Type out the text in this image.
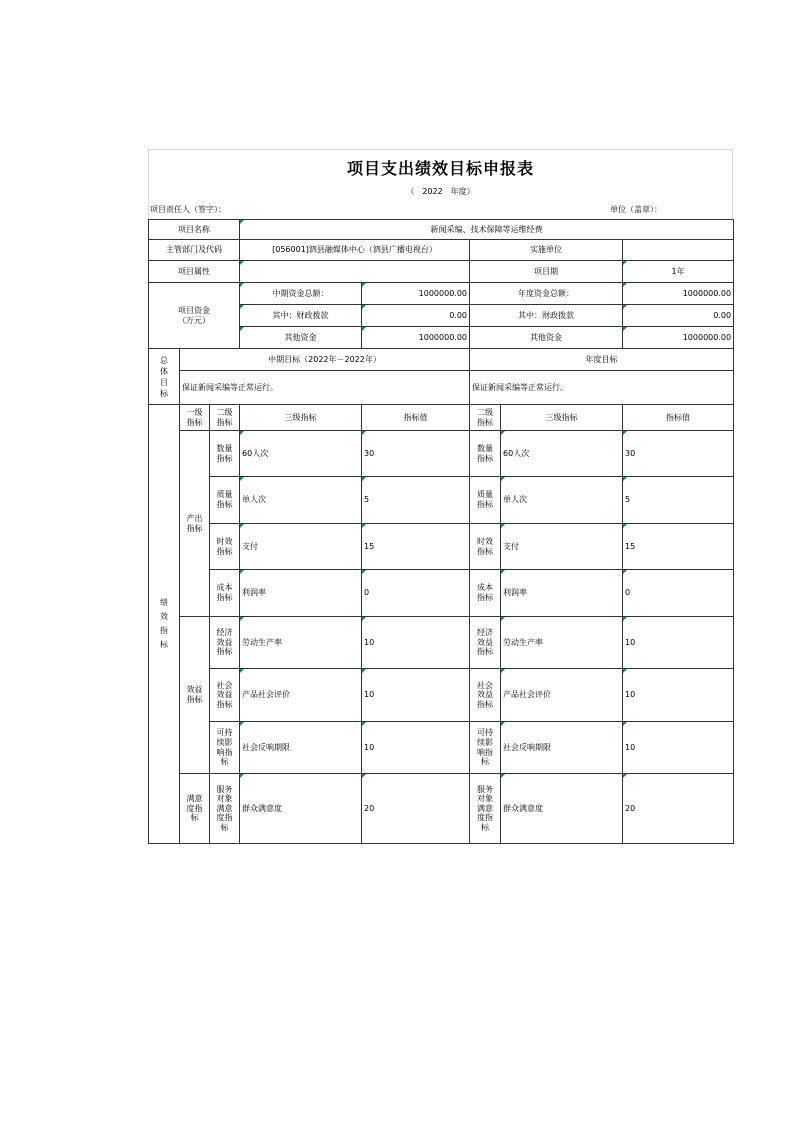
项目支出绩效目标申报表
（ 2022 年度）
项目责任人（签字）：	单位（盖章）：
项目名称			新闻采编、技术保障等运维经费				
主管部门及代码			[056001]泗县融媒体中心（泗县广播电视台）		实施单位		
项目属性					项目期		1年

项目资金
（万元）			中期资金总额：	1000000.00	年度资金总额：		1000000.00
			其中：财政拨款	0.00	其中：财政拨款		0.00
			其他资金	1000000.00	其他资金		1000000.00

总体目标	中期目标（2022年－2022年）				年度目标		
	保证新闻采编等正常运行。				保证新闻采编等正常运行。		

绩效指标	一级指标	二级指标	三级指标	指标值	二级指标	三级指标	指标值

	产出指标	数量指标	60人次	30	数量指标	60人次	30

		质量指标	单人次	5	质量指标	单人次	5

		时效指标	支付	15	时效指标	支付	15

		成本指标	利润率	0	成本指标	利润率	0

	效益指标	经济效益指标	劳动生产率	10	经济效益指标	劳动生产率	10

		社会效益指标	产品社会评价	10	社会效益指标	产品社会评价	10

		可持续影响指标	社会反响期限	10	可持续影响指标	社会反响期限	10

	满意度指标	服务对象满意度指标	群众满意度	20	服务对象满意度指标	群众满意度	20
